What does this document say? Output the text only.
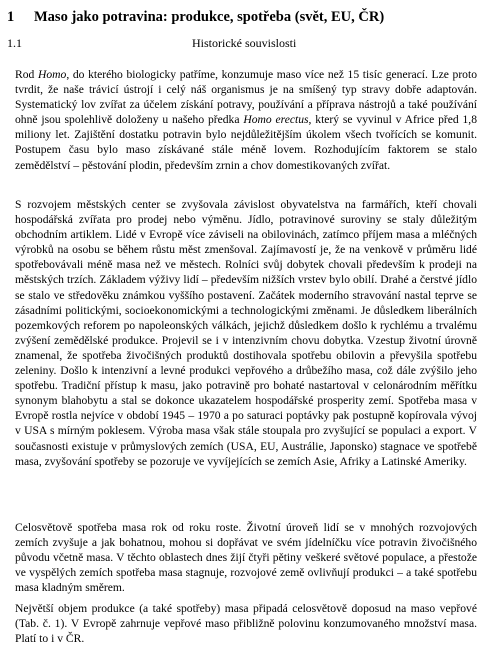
1 Maso jako potravina: produkce, spotřeba (svět, EU, ČR)
1.1	Historické souvislosti

Rod Homo, do kterého biologicky patříme, konzumuje maso více než 15 tisíc generací. Lze proto tvrdit, že naše trávicí ústrojí i celý náš organismus je na smíšený typ stravy dobře adaptován. Systematický lov zvířat za účelem získání potravy, používání a příprava nástrojů a také používání ohně jsou spolehlivě doloženy u našeho předka Homo erectus, který se vyvinul v Africe před 1,8 miliony let. Zajištění dostatku potravin bylo nejdůležitějším úkolem všech tvořících se komunit. Postupem času bylo maso získávané stále méně lovem. Rozhodujícím faktorem se stalo zemědělství – pěstování plodin, především zrnin a chov domestikovaných zvířat.

S rozvojem městských center se zvyšovala závislost obyvatelstva na farmářích, kteří chovali hospodářská zvířata pro prodej nebo výměnu. Jídlo, potravinové suroviny se staly důležitým obchodním artiklem. Lidé v Evropě více záviseli na obilovinách, zatímco příjem masa a mléčných výrobků na osobu se během růstu měst zmenšoval. Zajímavostí je, že na venkově v průměru lidé spotřebovávali méně masa než ve městech. Rolníci svůj dobytek chovali především k prodeji na městských trzích. Základem výživy lidí – především nižších vrstev bylo obilí. Drahé a čerstvé jídlo se stalo ve středověku známkou vyššího postavení. Začátek moderního stravování nastal teprve se zásadními politickými, socioekonomickými a technologickými změnami. Je důsledkem liberálních pozemkových reforem po napoleonských válkách, jejichž důsledkem došlo k rychlému a trvalému zvýšení zemědělské produkce. Projevil se i v intenzivním chovu dobytka. Vzestup životní úrovně znamenal, že spotřeba živočišných produktů dostihovala spotřebu obilovin a převyšila spotřebu zeleniny. Došlo k intenzivní a levné produkci vepřového a drůbežího masa, což dále zvýšilo jeho spotřebu. Tradiční přístup k masu, jako potravině pro bohaté nastartoval v celonárodním měřítku synonym blahobytu a stal se dokonce ukazatelem hospodářské prosperity zemí. Spotřeba masa v Evropě rostla nejvíce v období 1945 – 1970 a po saturaci poptávky pak postupně kopírovala vývoj v USA s mírným poklesem. Výroba masa však stále stoupala pro zvyšující se populaci a export. V současnosti existuje v průmyslových zemích (USA, EU, Austrálie, Japonsko) stagnace ve spotřebě masa, zvyšování spotřeby se pozoruje ve vyvíjejících se zemích Asie, Afriky a Latinské Ameriky.

Celosvětově spotřeba masa rok od roku roste. Životní úroveň lidí se v mnohých rozvojových zemích zvyšuje a jak bohatnou, mohou si dopřávat ve svém jídelníčku více potravin živočišného původu včetně masa. V těchto oblastech dnes žijí čtyři pětiny veškeré světové populace, a přestože ve vyspělých zemích spotřeba masa stagnuje, rozvojové země ovlivňují produkci – a také spotřebu masa kladným směrem.

Největší objem produkce (a také spotřeby) masa připadá celosvětově doposud na maso vepřové (Tab. č. 1). V Evropě zahrnuje vepřové maso přibližně polovinu konzumovaného množství masa. Platí to i v ČR.
